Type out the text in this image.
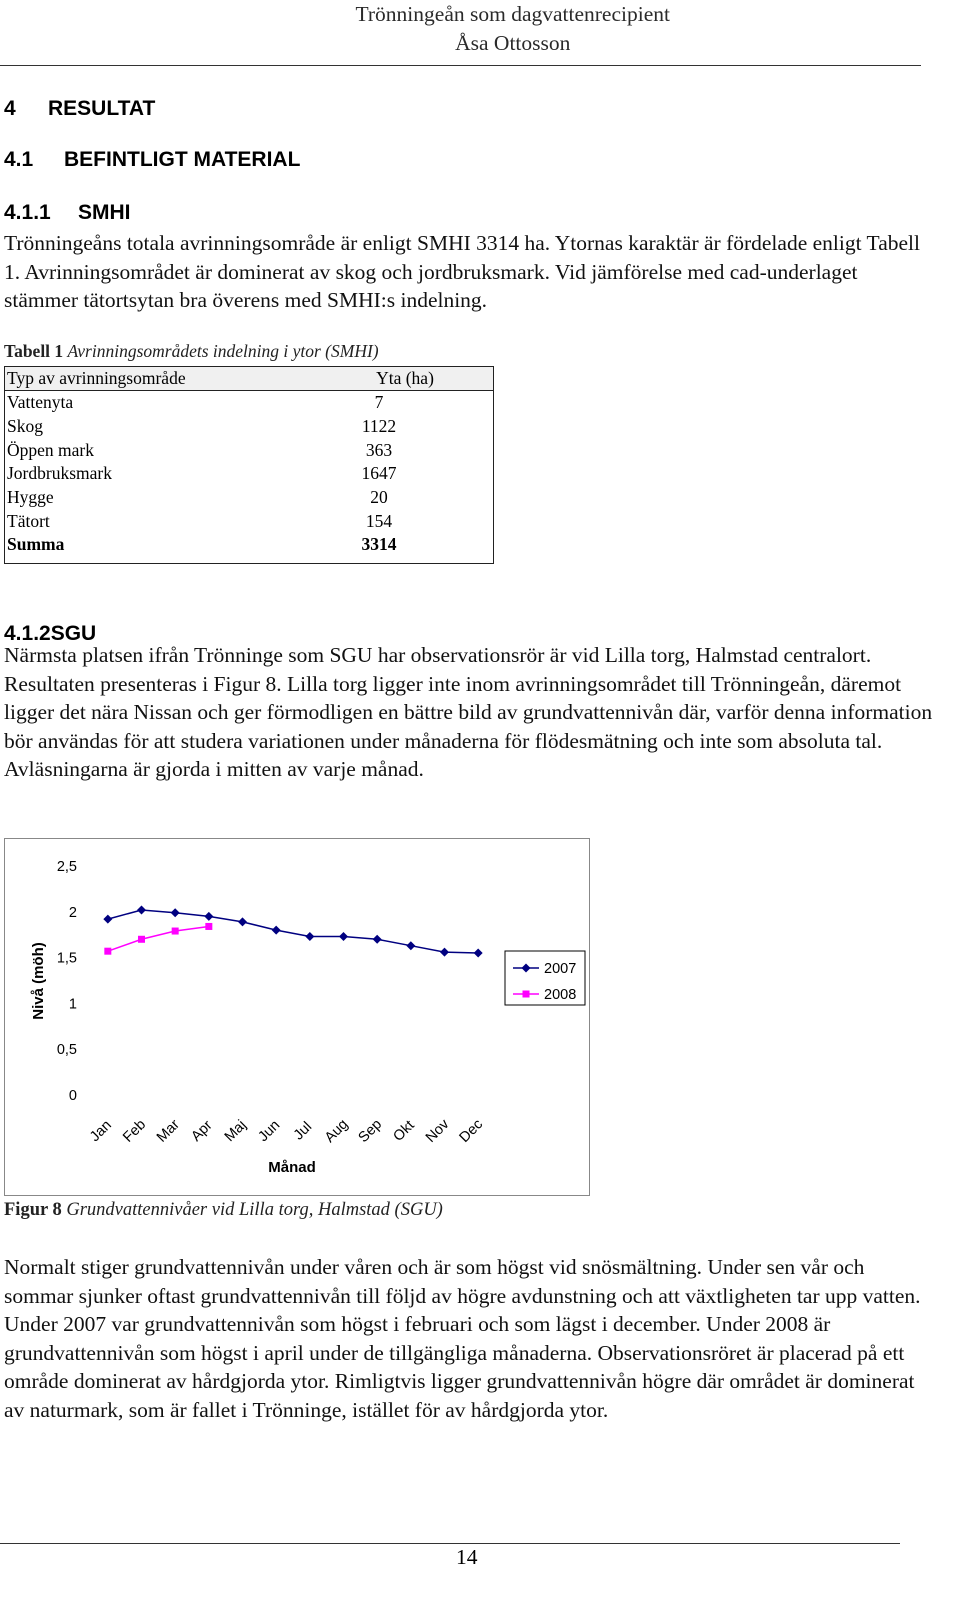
Trönningeån som dagvattenrecipient
Åsa Ottosson
4 RESULTAT
4.1 BEFINTLIGT MATERIAL
4.1.1 SMHI

Trönningeåns totala avrinningsområde är enligt SMHI 3314 ha. Ytornas karaktär är fördelade enligt Tabell 1. Avrinningsområdet är dominerat av skog och jordbruksmark. Vid jämförelse med cad-underlaget stämmer tätortsytan bra överens med SMHI:s indelning.

Tabell 1 Avrinningsområdets indelning i ytor (SMHI)
Typ av avrinningsområde	Yta (ha)
Vattenyta	7
Skog	1122
Öppen mark	363
Jordbruksmark	1647
Hygge	20
Tätort	154
Summa	3314
4.1.2SGU

Närmsta platsen ifrån Trönninge som SGU har observationsrör är vid Lilla torg, Halmstad centralort. Resultaten presenteras i Figur 8. Lilla torg ligger inte inom avrinningsområdet till Trönningeån, däremot ligger det nära Nissan och ger förmodligen en bättre bild av grundvattennivån där, varför denna information bör användas för att studera variationen under månaderna för flödesmätning och inte som absoluta tal. Avläsningarna är gjorda i mitten av varje månad.

0
0,5
1
1,5
2
2,5
Jan Feb Mar Apr Maj Jun Jul Aug Sep Okt Nov Dec
Månad
Nivå (möh)	2007
2008
Figur 8 Grundvattennivåer vid Lilla torg, Halmstad (SGU)

Normalt stiger grundvattennivån under våren och är som högst vid snösmältning. Under sen vår och sommar sjunker oftast grundvattennivån till följd av högre avdunstning och att växtligheten tar upp vatten. Under 2007 var grundvattennivån som högst i februari och som lägst i december. Under 2008 är grundvattennivån som högst i april under de tillgängliga månaderna. Observationsröret är placerad på ett område dominerat av hårdgjorda ytor. Rimligtvis ligger grundvattennivån högre där området är dominerat av naturmark, som är fallet i Trönninge, istället för av hårdgjorda ytor.

14
